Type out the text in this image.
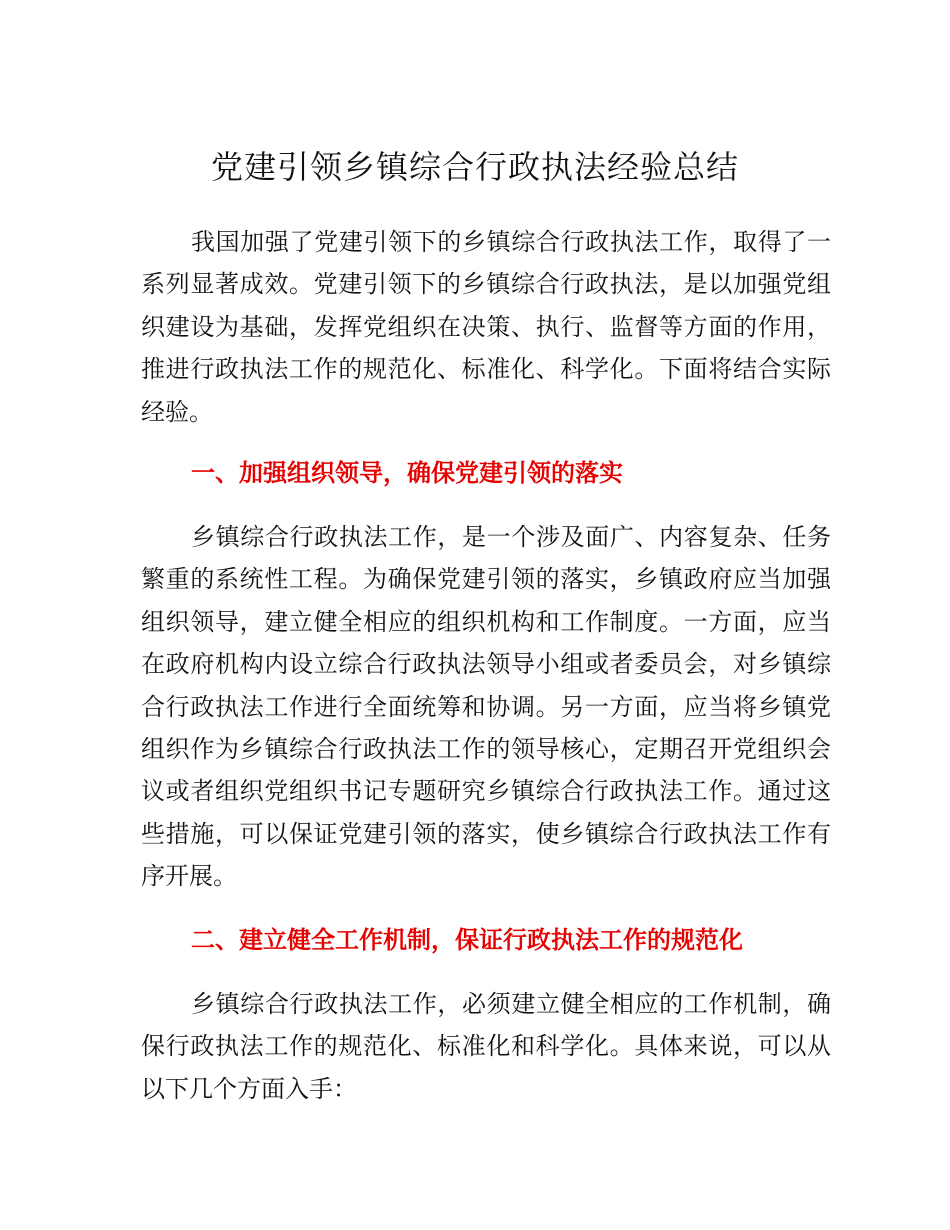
党建引领乡镇综合行政执法经验总结

我国加强了党建引领下的乡镇综合行政执法工作，取得了一系列显著成效。党建引领下的乡镇综合行政执法，是以加强党组织建设为基础，发挥党组织在决策、执行、监督等方面的作用，推进行政执法工作的规范化、标准化、科学化。下面将结合实际经验。

一、加强组织领导，确保党建引领的落实

乡镇综合行政执法工作，是一个涉及面广、内容复杂、任务繁重的系统性工程。为确保党建引领的落实，乡镇政府应当加强组织领导，建立健全相应的组织机构和工作制度。一方面，应当在政府机构内设立综合行政执法领导小组或者委员会，对乡镇综合行政执法工作进行全面统筹和协调。另一方面，应当将乡镇党组织作为乡镇综合行政执法工作的领导核心，定期召开党组织会议或者组织党组织书记专题研究乡镇综合行政执法工作。通过这些措施，可以保证党建引领的落实，使乡镇综合行政执法工作有序开展。

二、建立健全工作机制，保证行政执法工作的规范化

乡镇综合行政执法工作，必须建立健全相应的工作机制，确保行政执法工作的规范化、标准化和科学化。具体来说，可以从以下几个方面入手：
